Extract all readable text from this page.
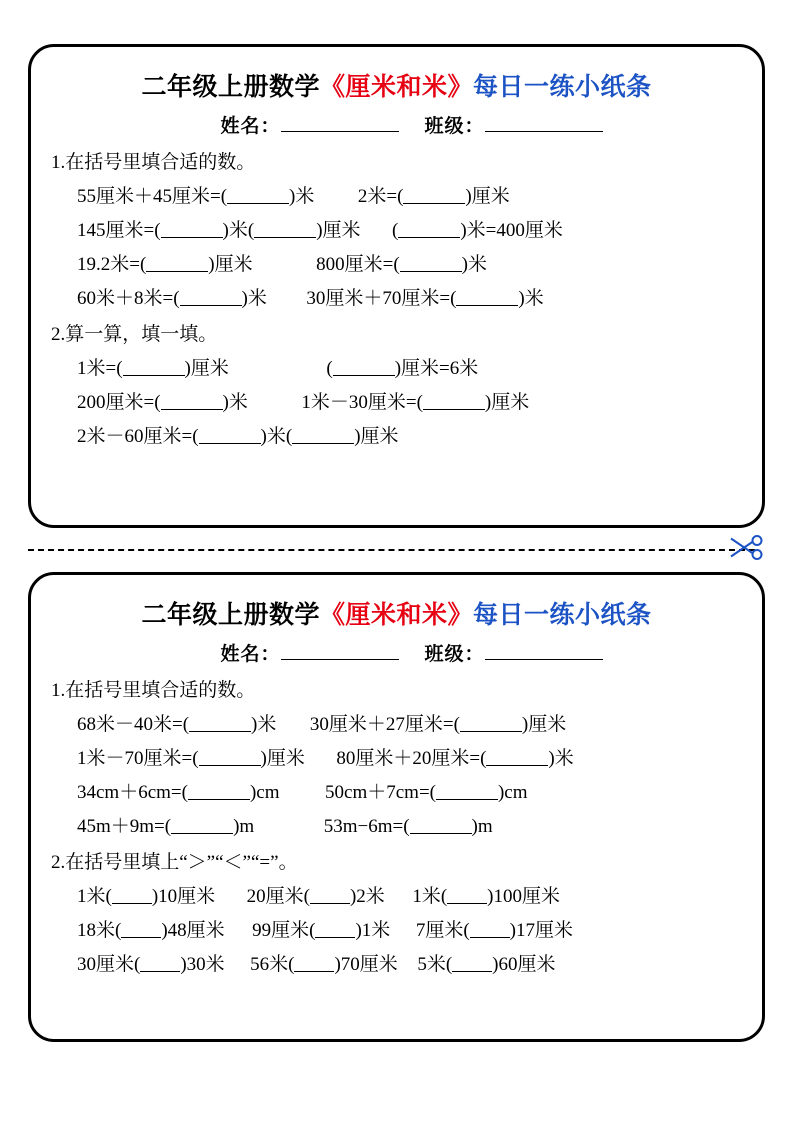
二年级上册数学《厘米和米》每日一练小纸条
姓名：	班级：
1.在括号里填合适的数。
55厘米＋45厘米=(	)米 2米=(	)厘米
145厘米=(	)米(	)厘米 (	)米=400厘米
19.2米=(	)厘米	800厘米=(	)米
60米＋8米=(	)米 30厘米＋70厘米=(	)米
2.算一算，填一填。
1米=(	)厘米	(	)厘米=6米
200厘米=(	)米	1米－30厘米=(	)厘米
2米－60厘米=(	)米(	)厘米
二年级上册数学《厘米和米》每日一练小纸条
姓名：	班级：
1.在括号里填合适的数。
68米－40米=(	)米 30厘米＋27厘米=(	)厘米
1米－70厘米=(	)厘米 80厘米＋20厘米=(	)米
34cm＋6cm=(	)cm 50cm＋7cm=(	)cm
45m＋9m=(	)m	53m−6m=(	)m
2.在括号里填上“＞”“＜”“=”。
1米( )10厘米 20厘米( )2米 1米( )100厘米
18米( )48厘米 99厘米( )1米 7厘米( )17厘米
30厘米( )30米 56米( )70厘米 5米( )60厘米
